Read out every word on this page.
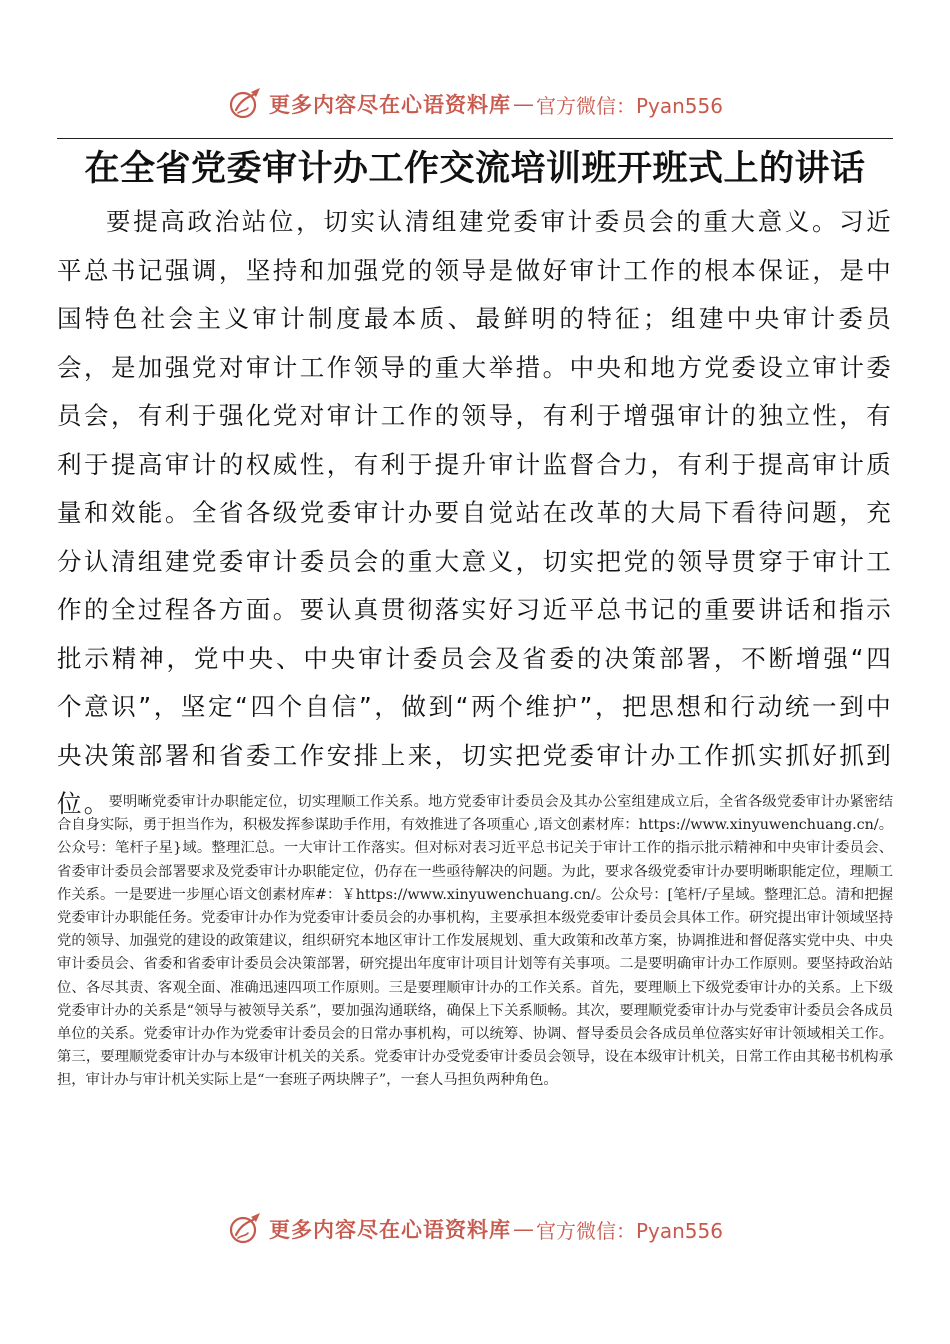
更多内容尽在心语资料库 — 官方微信：Pyan556
在全省党委审计办工作交流培训班开班式上的讲话

要提高政治站位，切实认清组建党委审计委员会的重大意义。习近平总书记强调，坚持和加强党的领导是做好审计工作的根本保证，是中国特色社会主义审计制度最本质、最鲜明的特征；组建中央审计委员会，是加强党对审计工作领导的重大举措。中央和地方党委设立审计委员会，有利于强化党对审计工作的领导，有利于增强审计的独立性，有利于提高审计的权威性，有利于提升审计监督合力，有利于提高审计质量和效能。全省各级党委审计办要自觉站在改革的大局下看待问题，充分认清组建党委审计委员会的重大意义，切实把党的领导贯穿于审计工作的全过程各方面。要认真贯彻落实好习近平总书记的重要讲话和指示批示精神，党中央、中央审计委员会及省委的决策部署，不断增强“四个意识”，坚定“四个自信”，做到“两个维护”，把思想和行动统一到中央决策部署和省委工作安排上来，切实把党委审计办工作抓实抓好抓到位。

要明晰党委审计办职能定位，切实理顺工作关系。地方党委审计委员会及其办公室组建成立后，全省各级党委审计办紧密结合自身实际，勇于担当作为，积极发挥参谋助手作用，有效推进了各项重心 ,语文创素材库：https://www.xinyuwenchuang.cn/。公众号：笔杆子星}域。整理汇总。一大审计工作落实。但对标对表习近平总书记关于审计工作的指示批示精神和中央审计委员会、省委审计委员会部署要求及党委审计办职能定位，仍存在一些亟待解决的问题。为此，要求各级党委审计办要明晰职能定位，理顺工作关系。一是要进一步厘心语文创素材库#：￥https://www.xinyuwenchuang.cn/。公众号：[笔杆/子星域。整理汇总。清和把握党委审计办职能任务。党委审计办作为党委审计委员会的办事机构，主要承担本级党委审计委员会具体工作。研究提出审计领域坚持党的领导、加强党的建设的政策建议，组织研究本地区审计工作发展规划、重大政策和改革方案，协调推进和督促落实党中央、中央审计委员会、省委和省委审计委员会决策部署，研究提出年度审计项目计划等有关事项。二是要明确审计办工作原则。要坚持政治站位、各尽其责、客观全面、准确迅速四项工作原则。三是要理顺审计办的工作关系。首先，要理顺上下级党委审计办的关系。上下级党委审计办的关系是“领导与被领导关系”，要加强沟通联络，确保上下关系顺畅。其次，要理顺党委审计办与党委审计委员会各成员单位的关系。党委审计办作为党委审计委员会的日常办事机构，可以统筹、协调、督导委员会各成员单位落实好审计领域相关工作。第三，要理顺党委审计办与本级审计机关的关系。党委审计办受党委审计委员会领导，设在本级审计机关，日常工作由其秘书机构承担，审计办与审计机关实际上是“一套班子两块牌子”，一套人马担负两种角色。

更多内容尽在心语资料库 — 官方微信：Pyan556
